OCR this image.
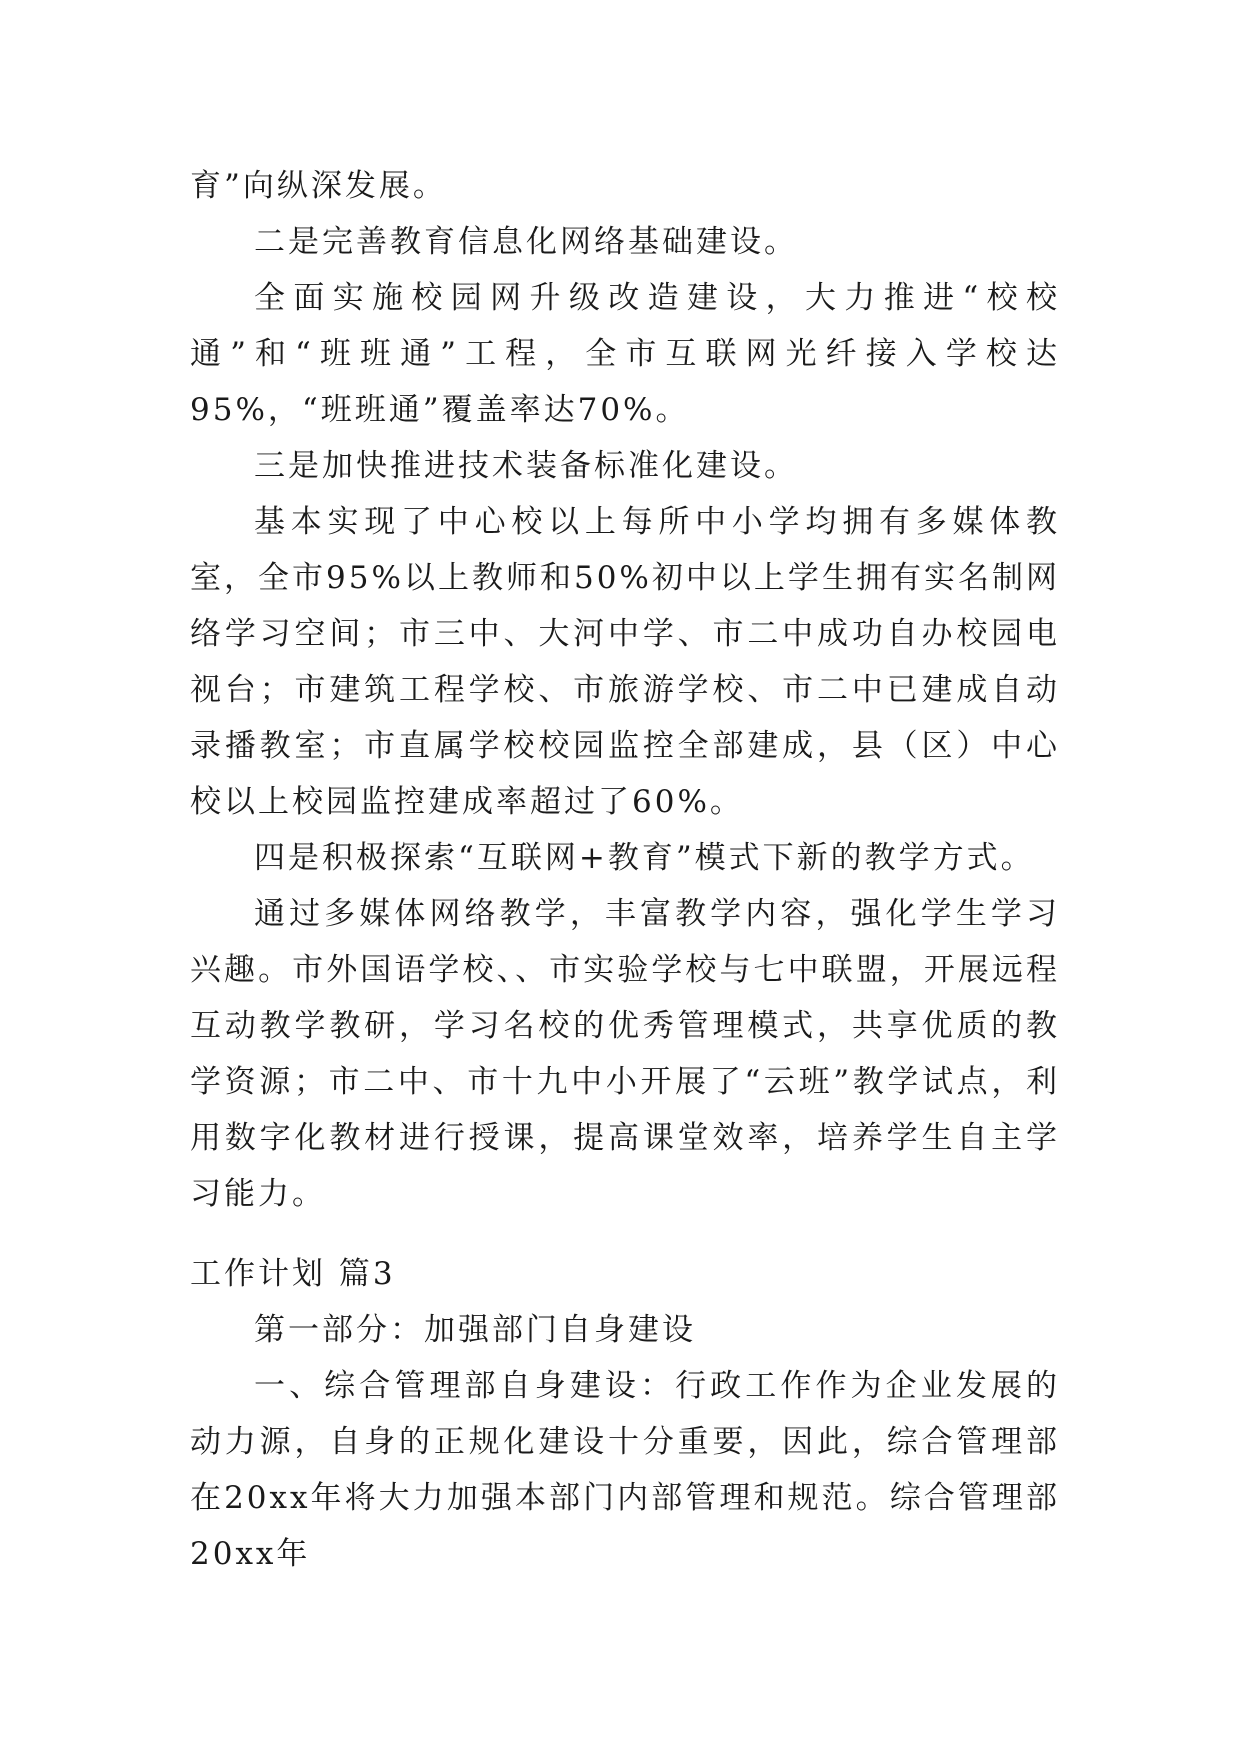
育”向纵深发展。

二是完善教育信息化网络基础建设。

全面实施校园网升级改造建设，大力推进“校校通”和“班班通”工程，全市互联网光纤接入学校达95%，“班班通”覆盖率达70%。

三是加快推进技术装备标准化建设。

基本实现了中心校以上每所中小学均拥有多媒体教室，全市95%以上教师和50%初中以上学生拥有实名制网络学习空间；市三中、大河中学、市二中成功自办校园电视台；市建筑工程学校、市旅游学校、市二中已建成自动录播教室；市直属学校校园监控全部建成，县（区）中心校以上校园监控建成率超过了60%。

四是积极探索“互联网+教育”模式下新的教学方式。

通过多媒体网络教学，丰富教学内容，强化学生学习兴趣。市外国语学校、、市实验学校与七中联盟，开展远程互动教学教研，学习名校的优秀管理模式，共享优质的教学资源；市二中、市十九中小开展了“云班”教学试点，利用数字化教材进行授课，提高课堂效率，培养学生自主学习能力。

工作计划 篇3

第一部分：加强部门自身建设

一、综合管理部自身建设：行政工作作为企业发展的动力源，自身的正规化建设十分重要，因此，综合管理部在20xx年将大力加强本部门内部管理和规范。综合管理部20xx年
